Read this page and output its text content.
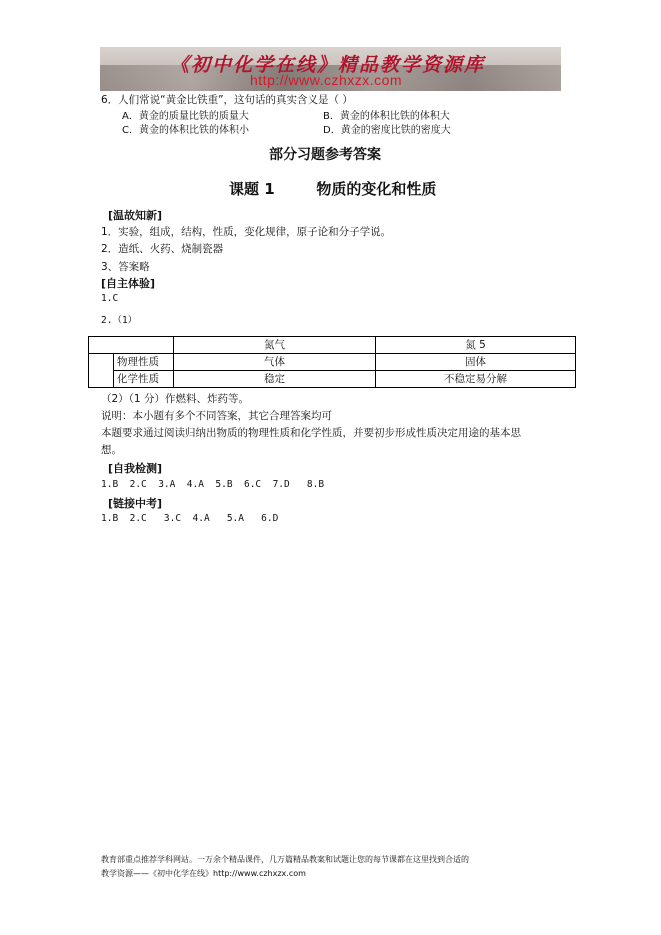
《初中化学在线》精品教学资源库
http://www.czhxzx.com
6．人们常说“黄金比铁重”，这句话的真实含义是（ ）
A．黄金的质量比铁的质量大	B．黄金的体积比铁的体积大
C．黄金的体积比铁的体积小	D．黄金的密度比铁的密度大
部分习题参考答案
课题 1        物质的变化和性质
[温故知新]
1．实验，组成，结构，性质，变化规律，原子论和分子学说。
2．造纸、火药、烧制瓷器
3、答案略
[自主体验]
1.C
2.（1）
		氮气	氮 5
	物理性质	气体	固体
	化学性质	稳定	不稳定易分解
（2）（1 分）作燃料、炸药等。
说明：本小题有多个不同答案，其它合理答案均可
本题要求通过阅读归纳出物质的物理性质和化学性质，并要初步形成性质决定用途的基本思
想。
[自我检测]
1.B  2.C  3.A  4.A  5.B  6.C  7.D   8.B
[链接中考]
1.B  2.C   3.C  4.A   5.A   6.D
教育部重点推荐学科网站。一万余个精品课件，几万篇精品教案和试题让您的每节课都在这里找到合适的
教学资源——《初中化学在线》http://www.czhxzx.com
